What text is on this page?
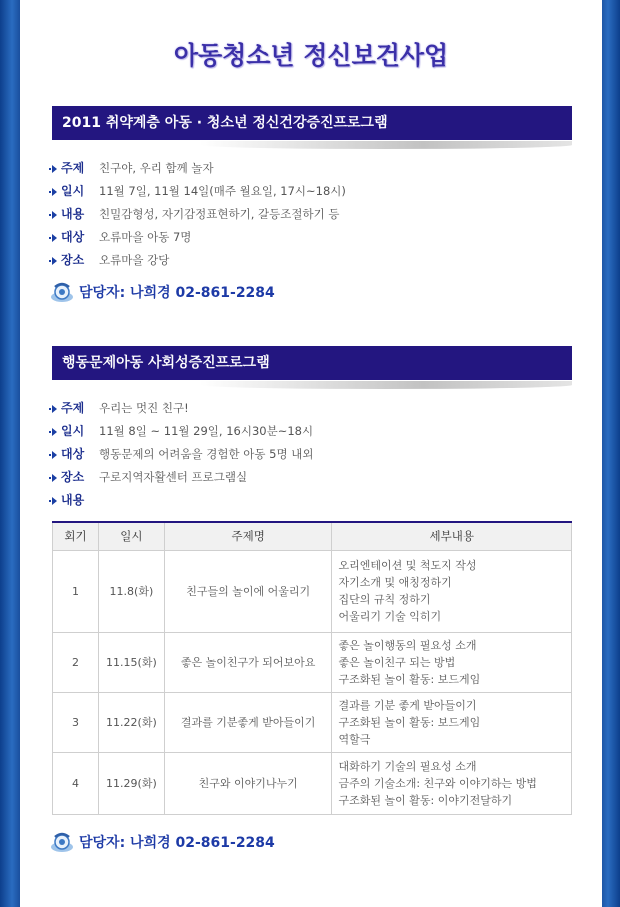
아동청소년 정신보건사업
2011 취약계층 아동 · 청소년 정신건강증진프로그램
주제	친구야, 우리 함께 놀자
일시	11월 7일, 11월 14일(매주 월요일, 17시~18시)
내용	친밀감형성, 자기감정표현하기, 갈등조절하기 등
대상	오류마을 아동 7명
장소	오류마을 강당
담당자: 나희경 02-861-2284
행동문제아동 사회성증진프로그램
주제	우리는 멋진 친구!
일시	11월 8일 ~ 11월 29일, 16시30분~18시
대상	행동문제의 어려움을 경험한 아동 5명 내외
장소	구로지역자활센터 프로그램실
내용
회기	일시	주제명	세부내용
1	11.8(화)	친구들의 놀이에 어울리기	오리엔테이션 및 척도지 작성
자기소개 및 애칭정하기
집단의 규칙 정하기
어울리기 기술 익히기

2	11.15(화)	좋은 놀이친구가 되어보아요	좋은 놀이행동의 필요성 소개
좋은 놀이친구 되는 방법
구조화된 놀이 활동: 보드게임

3	11.22(화)	결과를 기분좋게 받아들이기	결과를 기분 좋게 받아들이기
구조화된 놀이 활동: 보드게임
역할극

4	11.29(화)	친구와 이야기나누기	대화하기 기술의 필요성 소개
금주의 기술소개: 친구와 이야기하는 방법
구조화된 놀이 활동: 이야기전달하기
담당자: 나희경 02-861-2284
